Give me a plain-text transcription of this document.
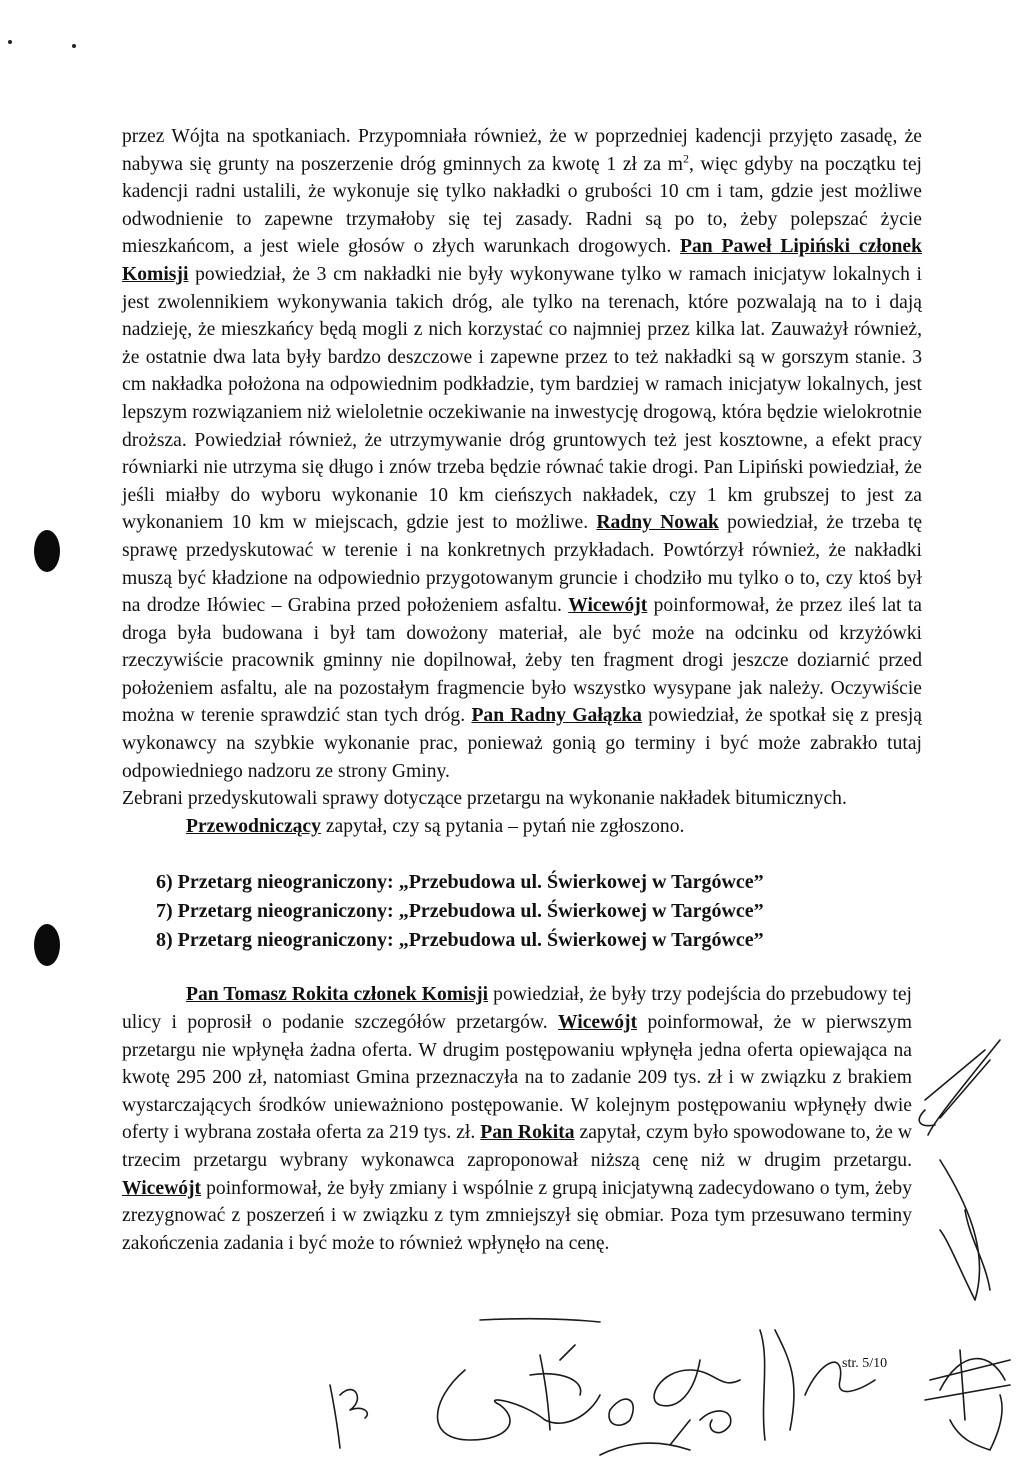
przez Wójta na spotkaniach. Przypomniała również, że w poprzedniej kadencji przyjęto zasadę, że nabywa się grunty na poszerzenie dróg gminnych za kwotę 1 zł za $m^2$, więc gdyby na początku tej kadencji radni ustalili, że wykonuje się tylko nakładki o grubości 10 cm i tam, gdzie jest możliwe odwodnienie to zapewne trzymałoby się tej zasady. Radni są po to, żeby polepszać życie mieszkańcom, a jest wiele głosów o złych warunkach drogowych. Pan Paweł Lipiński członek Komisji powiedział, że 3 cm nakładki nie były wykonywane tylko w ramach inicjatyw lokalnych i jest zwolennikiem wykonywania takich dróg, ale tylko na terenach, które pozwalają na to i dają nadzieję, że mieszkańcy będą mogli z nich korzystać co najmniej przez kilka lat. Zauważył również, że ostatnie dwa lata były bardzo deszczowe i zapewne przez to też nakładki są w gorszym stanie. 3 cm nakładka położona na odpowiednim podkładzie, tym bardziej w ramach inicjatyw lokalnych, jest lepszym rozwiązaniem niż wieloletnie oczekiwanie na inwestycję drogową, która będzie wielokrotnie droższa. Powiedział również, że utrzymywanie dróg gruntowych też jest kosztowne, a efekt pracy równiarki nie utrzyma się długo i znów trzeba będzie równać takie drogi. Pan Lipiński powiedział, że jeśli miałby do wyboru wykonanie 10 km cieńszych nakładek, czy 1 km grubszej to jest za wykonaniem 10 km w miejscach, gdzie jest to możliwe. Radny Nowak powiedział, że trzeba tę sprawę przedyskutować w terenie i na konkretnych przykładach. Powtórzył również, że nakładki muszą być kładzione na odpowiednio przygotowanym gruncie i chodziło mu tylko o to, czy ktoś był na drodze Iłówiec – Grabina przed położeniem asfaltu. Wicewójt poinformował, że przez ileś lat ta droga była budowana i był tam dowożony materiał, ale być może na odcinku od krzyżówki rzeczywiście pracownik gminny nie dopilnował, żeby ten fragment drogi jeszcze doziarnić przed położeniem asfaltu, ale na pozostałym fragmencie było wszystko wysypane jak należy. Oczywiście można w terenie sprawdzić stan tych dróg. Pan Radny Gałązka powiedział, że spotkał się z presją wykonawcy na szybkie wykonanie prac, ponieważ gonią go terminy i być może zabrakło tutaj odpowiedniego nadzoru ze strony Gminy.

Zebrani przedyskutowali sprawy dotyczące przetargu na wykonanie nakładek bitumicznych.

Przewodniczący zapytał, czy są pytania – pytań nie zgłoszono.

6) Przetarg nieograniczony: „Przebudowa ul. Świerkowej w Targówce”
7) Przetarg nieograniczony: „Przebudowa ul. Świerkowej w Targówce”
8) Przetarg nieograniczony: „Przebudowa ul. Świerkowej w Targówce”

Pan Tomasz Rokita członek Komisji powiedział, że były trzy podejścia do przebudowy tej ulicy i poprosił o podanie szczegółów przetargów. Wicewójt poinformował, że w pierwszym przetargu nie wpłynęła żadna oferta. W drugim postępowaniu wpłynęła jedna oferta opiewająca na kwotę 295 200 zł, natomiast Gmina przeznaczyła na to zadanie 209 tys. zł i w związku z brakiem wystarczających środków unieważniono postępowanie. W kolejnym postępowaniu wpłynęły dwie oferty i wybrana została oferta za 219 tys. zł. Pan Rokita zapytał, czym było spowodowane to, że w trzecim przetargu wybrany wykonawca zaproponował niższą cenę niż w drugim przetargu. Wicewójt poinformował, że były zmiany i wspólnie z grupą inicjatywną zadecydowano o tym, żeby zrezygnować z poszerzeń i w związku z tym zmniejszył się obmiar. Poza tym przesuwano terminy zakończenia zadania i być może to również wpłynęło na cenę.

str. 5/10
